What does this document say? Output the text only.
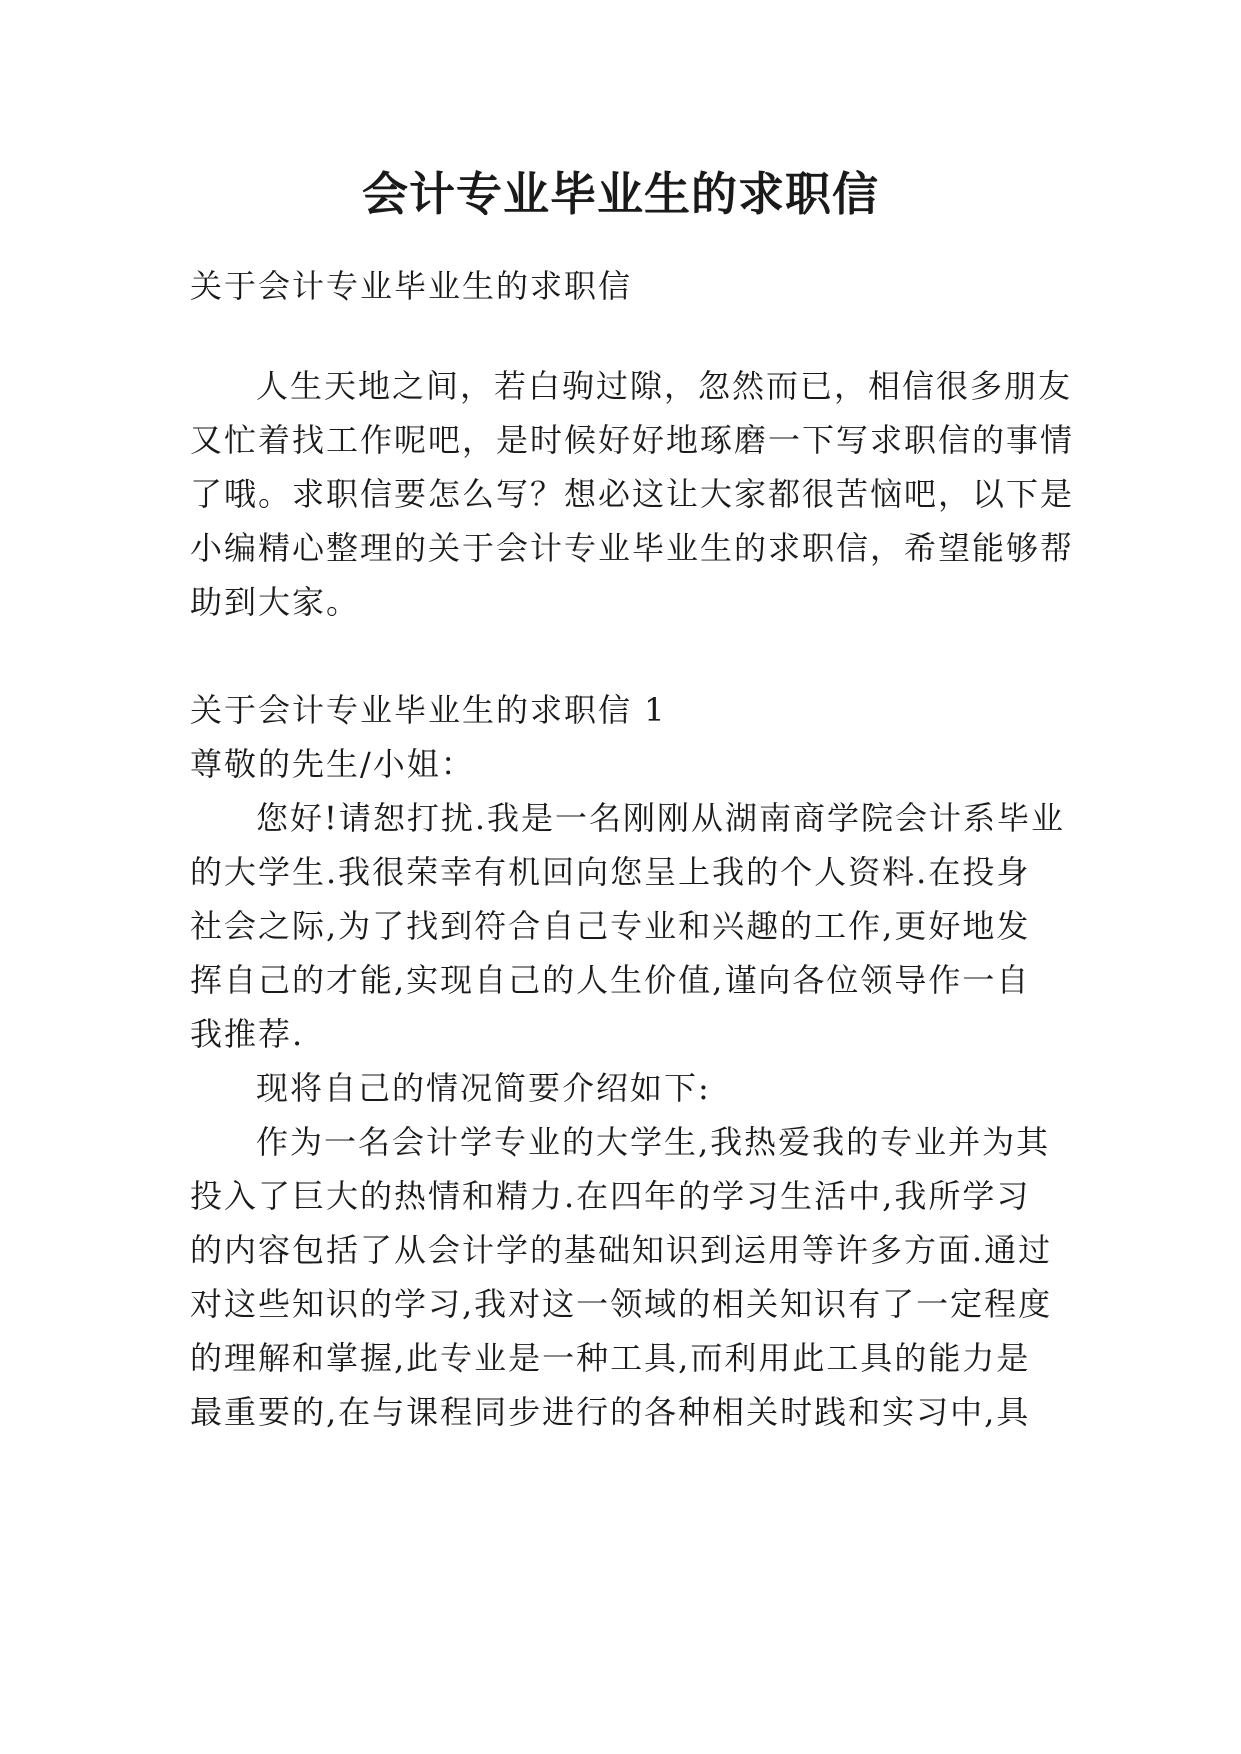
会计专业毕业生的求职信
关于会计专业毕业生的求职信
人生天地之间，若白驹过隙，忽然而已，相信很多朋友
又忙着找工作呢吧，是时候好好地琢磨一下写求职信的事情
了哦。求职信要怎么写？想必这让大家都很苦恼吧，以下是
小编精心整理的关于会计专业毕业生的求职信，希望能够帮
助到大家。
关于会计专业毕业生的求职信 1
尊敬的先生/小姐：
您好!请恕打扰.我是一名刚刚从湖南商学院会计系毕业
的大学生.我很荣幸有机回向您呈上我的个人资料.在投身
社会之际,为了找到符合自己专业和兴趣的工作,更好地发
挥自己的才能,实现自己的人生价值,谨向各位领导作一自
我推荐.
现将自己的情况简要介绍如下:
作为一名会计学专业的大学生,我热爱我的专业并为其
投入了巨大的热情和精力.在四年的学习生活中,我所学习
的内容包括了从会计学的基础知识到运用等许多方面.通过
对这些知识的学习,我对这一领域的相关知识有了一定程度
的理解和掌握,此专业是一种工具,而利用此工具的能力是
最重要的,在与课程同步进行的各种相关时践和实习中,具
